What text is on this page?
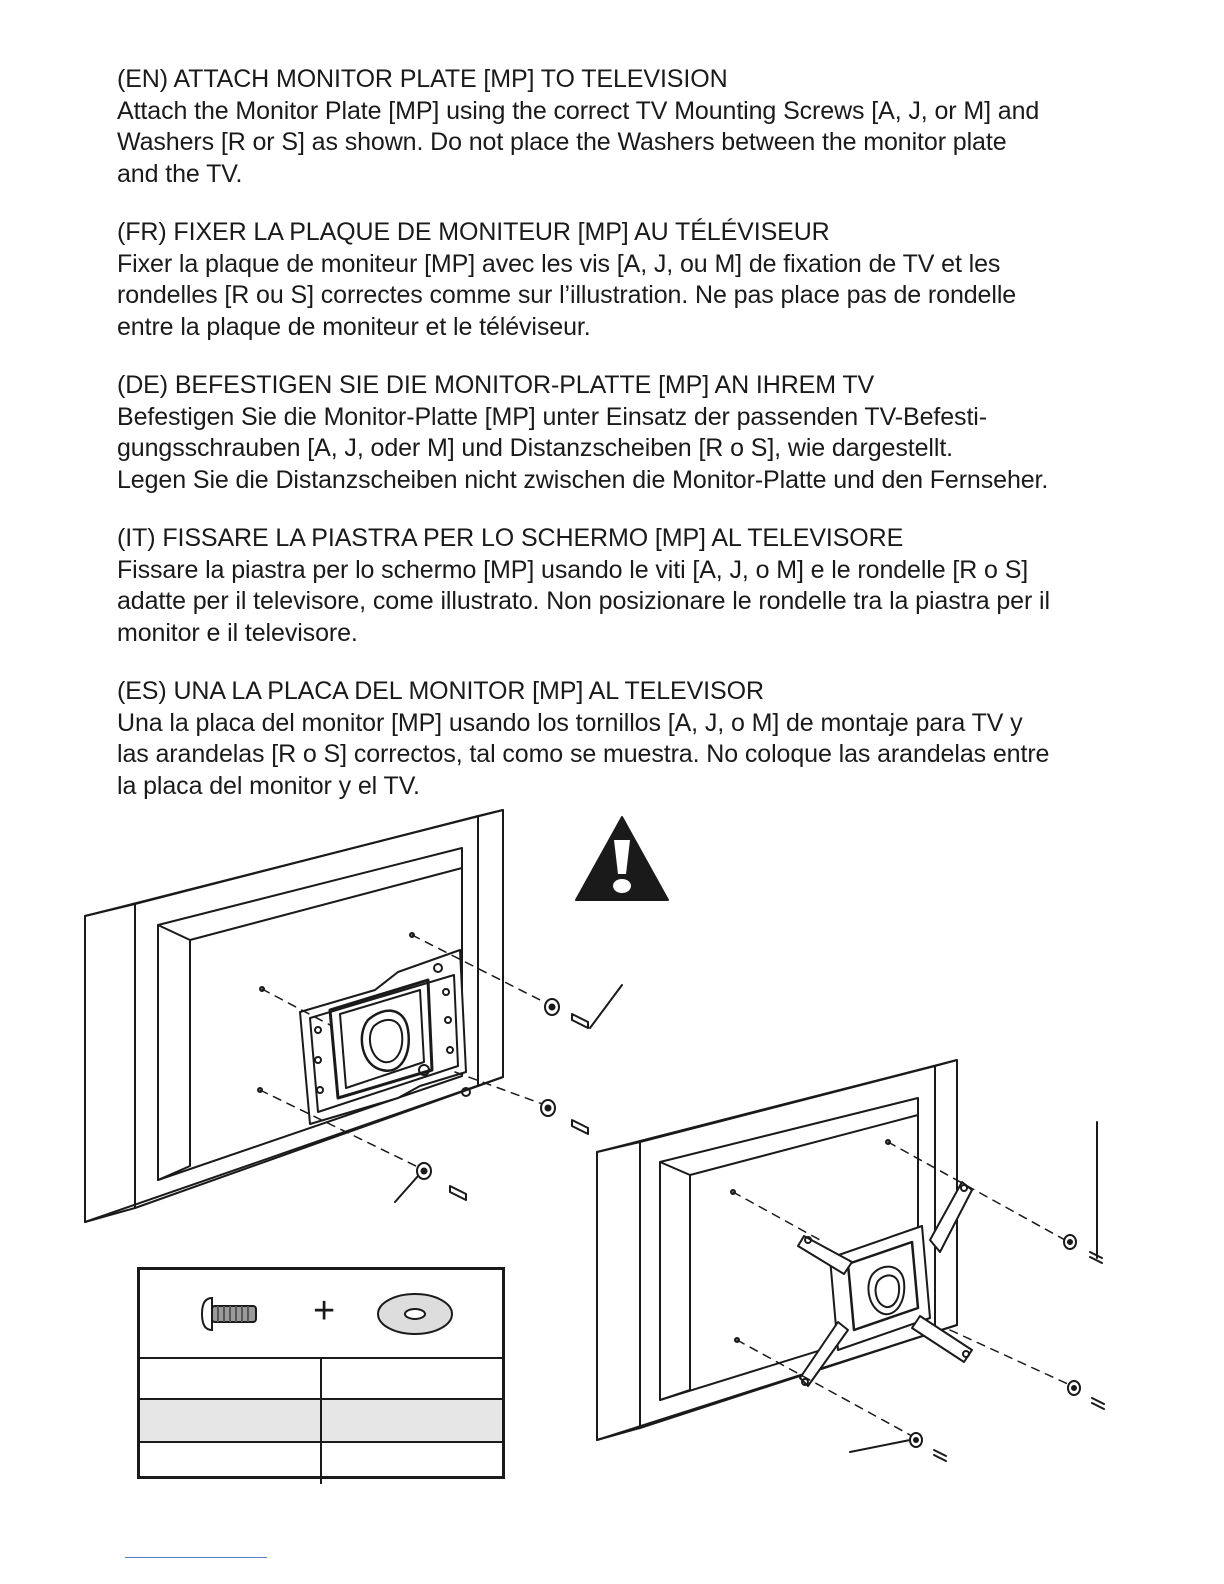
(EN) ATTACH MONITOR PLATE [MP] TO TELEVISION

Attach the Monitor Plate [MP] using the correct TV Mounting Screws [A, J, or M] and

Washers [R or S] as shown. Do not place the Washers between the monitor plate

and the TV.

(FR) FIXER LA PLAQUE DE MONITEUR [MP] AU TÉLÉVISEUR

Fixer la plaque de moniteur [MP] avec les vis [A, J, ou M] de fixation de TV et les

rondelles [R ou S] correctes comme sur l’illustration. Ne pas place pas de rondelle

entre la plaque de moniteur et le téléviseur.

(DE) BEFESTIGEN SIE DIE MONITOR-PLATTE [MP] AN IHREM TV

Befestigen Sie die Monitor-Platte [MP] unter Einsatz der passenden TV-Befesti-

gungsschrauben [A, J, oder M] und Distanzscheiben [R o S], wie dargestellt.

Legen Sie die Distanzscheiben nicht zwischen die Monitor-Platte und den Fernseher.

(IT) FISSARE LA PIASTRA PER LO SCHERMO [MP] AL TELEVISORE

Fissare la piastra per lo schermo [MP] usando le viti [A, J, o M] e le rondelle [R o S]

adatte per il televisore, come illustrato. Non posizionare le rondelle tra la piastra per il

monitor e il televisore.

(ES) UNA LA PLACA DEL MONITOR [MP] AL TELEVISOR

Una la placa del monitor [MP] usando los tornillos [A, J, o M] de montaje para TV y

las arandelas [R o S] correctos, tal como se muestra. No coloque las arandelas entre

la placa del monitor y el TV.

+
